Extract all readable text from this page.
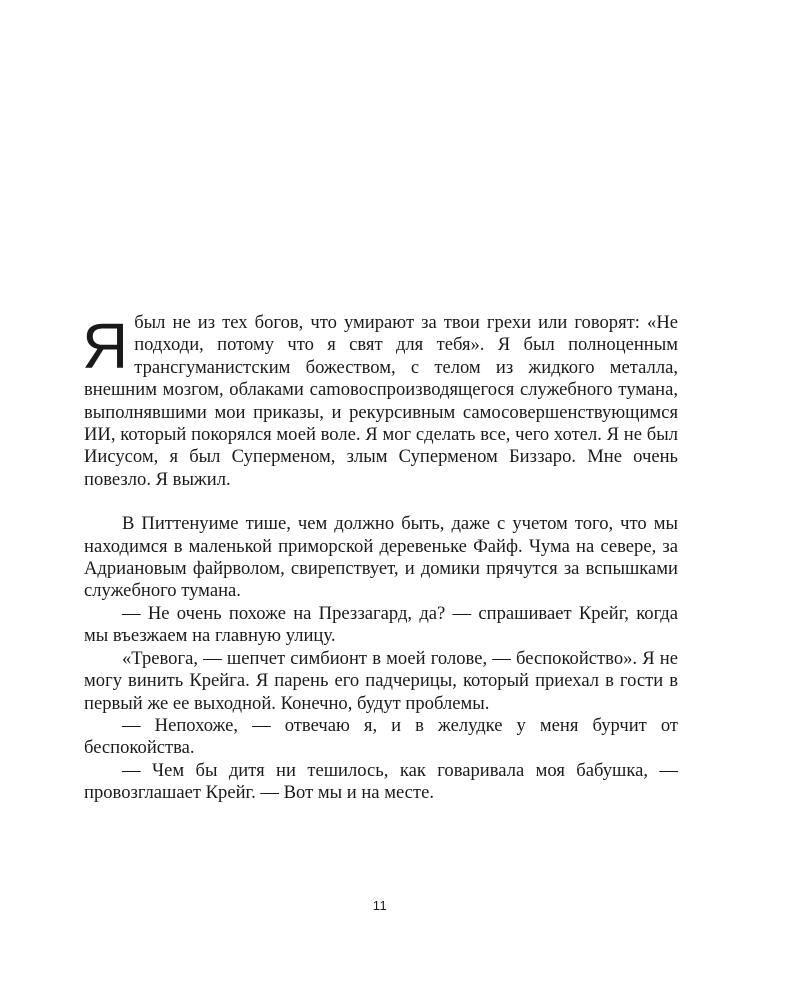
Я был не из тех богов, что умирают за твои грехи или говорят: «Не подходи, потому что я свят для тебя». Я был полноценным трансгуманистским божеством, с телом из жидкого металла, внешним мозгом, облаками саmовоспроизводящегося служебного тумана, выполнявшими мои приказы, и рекурсивным самосовершенствующимся ИИ, который покорялся моей воле. Я мог сделать все, чего хотел. Я не был Иисусом, я был Суперменом, злым Суперменом Биззаро. Мне очень повезло. Я выжил.

В Питтенуиме тише, чем должно быть, даже с учетом того, что мы находимся в маленькой приморской деревеньке Файф. Чума на севере, за Адриановым файрволом, свирепствует, и домики прячутся за вспышками служебного тумана.

— Не очень похоже на Преззагард, да? — спрашивает Крейг, когда мы въезжаем на главную улицу.

«Тревога, — шепчет симбионт в моей голове, — беспокойство». Я не могу винить Крейга. Я парень его падчерицы, который приехал в гости в первый же ее выходной. Конечно, будут проблемы.

— Непохоже, — отвечаю я, и в желудке у меня бурчит от беспокойства.

— Чем бы дитя ни тешилось, как говаривала моя бабушка, — провозглашает Крейг. — Вот мы и на месте.

11
